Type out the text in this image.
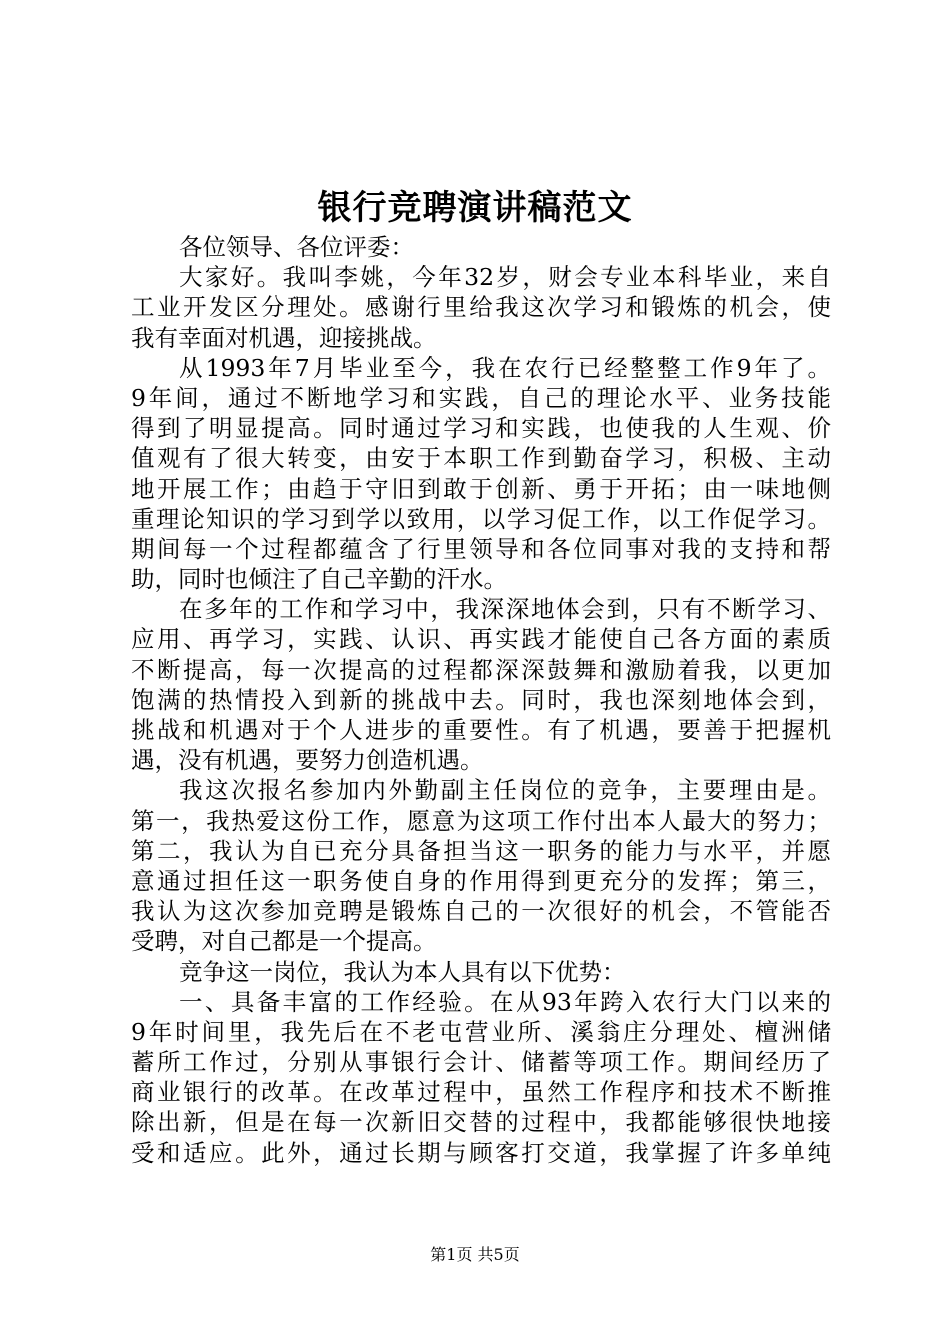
银行竞聘演讲稿范文
各位领导、各位评委：
大家好。我叫李姚，今年32岁，财会专业本科毕业，来自
工业开发区分理处。感谢行里给我这次学习和锻炼的机会，使
我有幸面对机遇，迎接挑战。
从1993年7月毕业至今，我在农行已经整整工作9年了。
9年间，通过不断地学习和实践，自己的理论水平、业务技能
得到了明显提高。同时通过学习和实践，也使我的人生观、价
值观有了很大转变，由安于本职工作到勤奋学习，积极、主动
地开展工作；由趋于守旧到敢于创新、勇于开拓；由一味地侧
重理论知识的学习到学以致用，以学习促工作，以工作促学习。
期间每一个过程都蕴含了行里领导和各位同事对我的支持和帮
助，同时也倾注了自己辛勤的汗水。
在多年的工作和学习中，我深深地体会到，只有不断学习、
应用、再学习，实践、认识、再实践才能使自己各方面的素质
不断提高，每一次提高的过程都深深鼓舞和激励着我，以更加
饱满的热情投入到新的挑战中去。同时，我也深刻地体会到，
挑战和机遇对于个人进步的重要性。有了机遇，要善于把握机
遇，没有机遇，要努力创造机遇。
我这次报名参加内外勤副主任岗位的竞争，主要理由是。
第一，我热爱这份工作，愿意为这项工作付出本人最大的努力；
第二，我认为自已充分具备担当这一职务的能力与水平，并愿
意通过担任这一职务使自身的作用得到更充分的发挥；第三，
我认为这次参加竞聘是锻炼自己的一次很好的机会，不管能否
受聘，对自己都是一个提高。
竞争这一岗位，我认为本人具有以下优势：
一、具备丰富的工作经验。在从93年跨入农行大门以来的
9年时间里，我先后在不老屯营业所、溪翁庄分理处、檀洲储
蓄所工作过，分别从事银行会计、储蓄等项工作。期间经历了
商业银行的改革。在改革过程中，虽然工作程序和技术不断推
除出新，但是在每一次新旧交替的过程中，我都能够很快地接
受和适应。此外，通过长期与顾客打交道，我掌握了许多单纯
第1页 共5页
